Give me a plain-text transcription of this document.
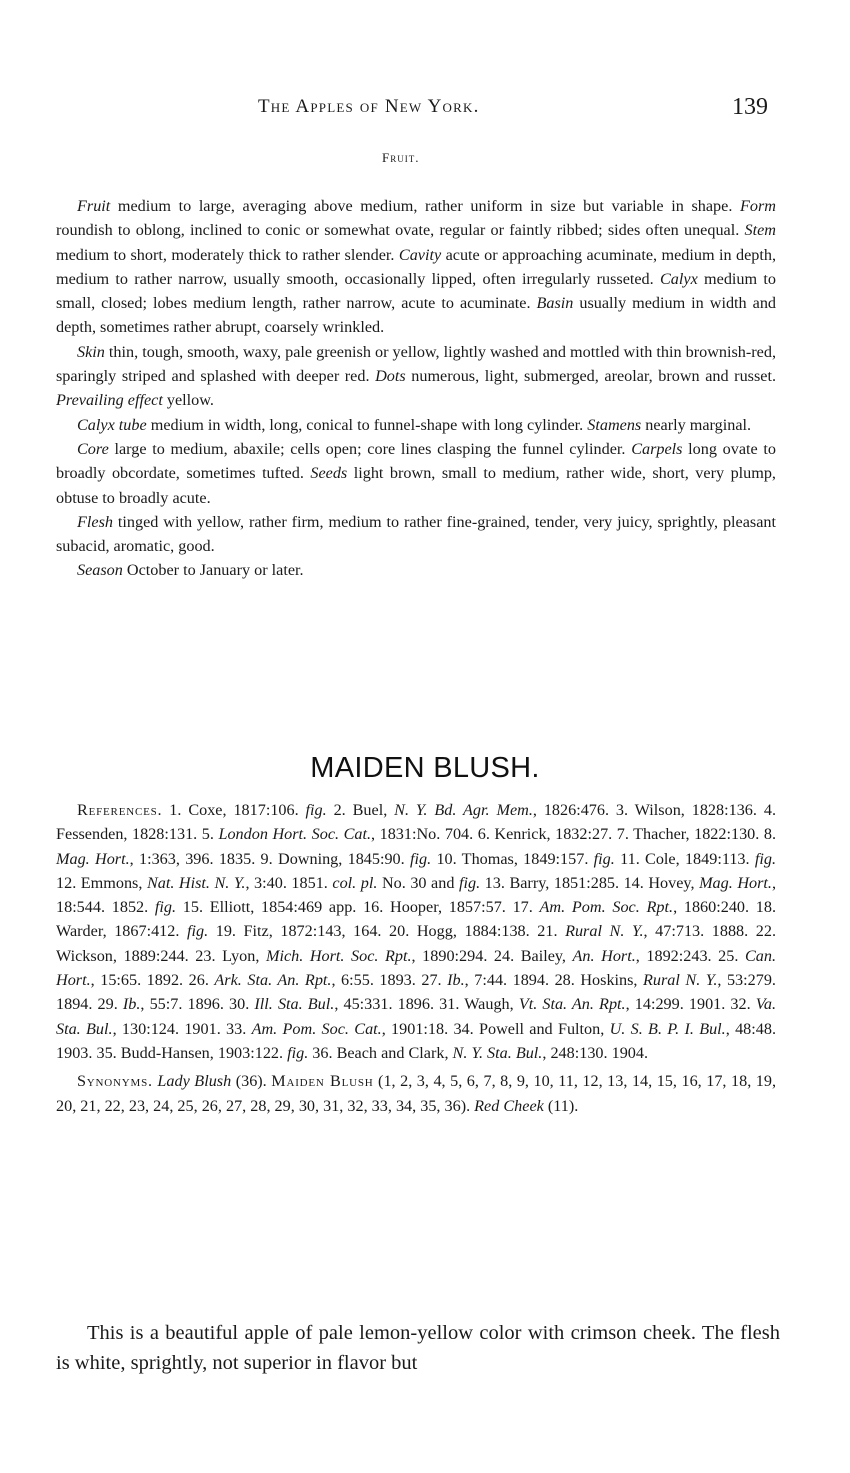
The Apples of New York.	139
Fruit.

Fruit medium to large, averaging above medium, rather uniform in size but variable in shape. Form roundish to oblong, inclined to conic or somewhat ovate, regular or faintly ribbed; sides often unequal. Stem medium to short, moderately thick to rather slender. Cavity acute or approaching acuminate, medium in depth, medium to rather narrow, usually smooth, occasionally lipped, often irregularly russeted. Calyx medium to small, closed; lobes medium length, rather narrow, acute to acuminate. Basin usually medium in width and depth, sometimes rather abrupt, coarsely wrinkled.

Skin thin, tough, smooth, waxy, pale greenish or yellow, lightly washed and mottled with thin brownish-red, sparingly striped and splashed with deeper red. Dots numerous, light, submerged, areolar, brown and russet. Prevailing effect yellow.

Calyx tube medium in width, long, conical to funnel-shape with long cylinder. Stamens nearly marginal.

Core large to medium, abaxile; cells open; core lines clasping the funnel cylinder. Carpels long ovate to broadly obcordate, sometimes tufted. Seeds light brown, small to medium, rather wide, short, very plump, obtuse to broadly acute.

Flesh tinged with yellow, rather firm, medium to rather fine-grained, tender, very juicy, sprightly, pleasant subacid, aromatic, good.

Season October to January or later.

MAIDEN BLUSH.

References. 1. Coxe, 1817:106. fig. 2. Buel, N. Y. Bd. Agr. Mem., 1826:476. 3. Wilson, 1828:136. 4. Fessenden, 1828:131. 5. London Hort. Soc. Cat., 1831:No. 704. 6. Kenrick, 1832:27. 7. Thacher, 1822:130. 8. Mag. Hort., 1:363, 396. 1835. 9. Downing, 1845:90. fig. 10. Thomas, 1849:157. fig. 11. Cole, 1849:113. fig. 12. Emmons, Nat. Hist. N. Y., 3:40. 1851. col. pl. No. 30 and fig. 13. Barry, 1851:285. 14. Hovey, Mag. Hort., 18:544. 1852. fig. 15. Elliott, 1854:469 app. 16. Hooper, 1857:57. 17. Am. Pom. Soc. Rpt., 1860:240. 18. Warder, 1867:412. fig. 19. Fitz, 1872:143, 164. 20. Hogg, 1884:138. 21. Rural N. Y., 47:713. 1888. 22. Wickson, 1889:244. 23. Lyon, Mich. Hort. Soc. Rpt., 1890:294. 24. Bailey, An. Hort., 1892:243. 25. Can. Hort., 15:65. 1892. 26. Ark. Sta. An. Rpt., 6:55. 1893. 27. Ib., 7:44. 1894. 28. Hoskins, Rural N. Y., 53:279. 1894. 29. Ib., 55:7. 1896. 30. Ill. Sta. Bul., 45:331. 1896. 31. Waugh, Vt. Sta. An. Rpt., 14:299. 1901. 32. Va. Sta. Bul., 130:124. 1901. 33. Am. Pom. Soc. Cat., 1901:18. 34. Powell and Fulton, U. S. B. P. I. Bul., 48:48. 1903. 35. Budd-Hansen, 1903:122. fig. 36. Beach and Clark, N. Y. Sta. Bul., 248:130. 1904.

Synonyms. Lady Blush (36). Maiden Blush (1, 2, 3, 4, 5, 6, 7, 8, 9, 10, 11, 12, 13, 14, 15, 16, 17, 18, 19, 20, 21, 22, 23, 24, 25, 26, 27, 28, 29, 30, 31, 32, 33, 34, 35, 36). Red Cheek (11).

This is a beautiful apple of pale lemon-yellow color with crimson cheek. The flesh is white, sprightly, not superior in flavor but
